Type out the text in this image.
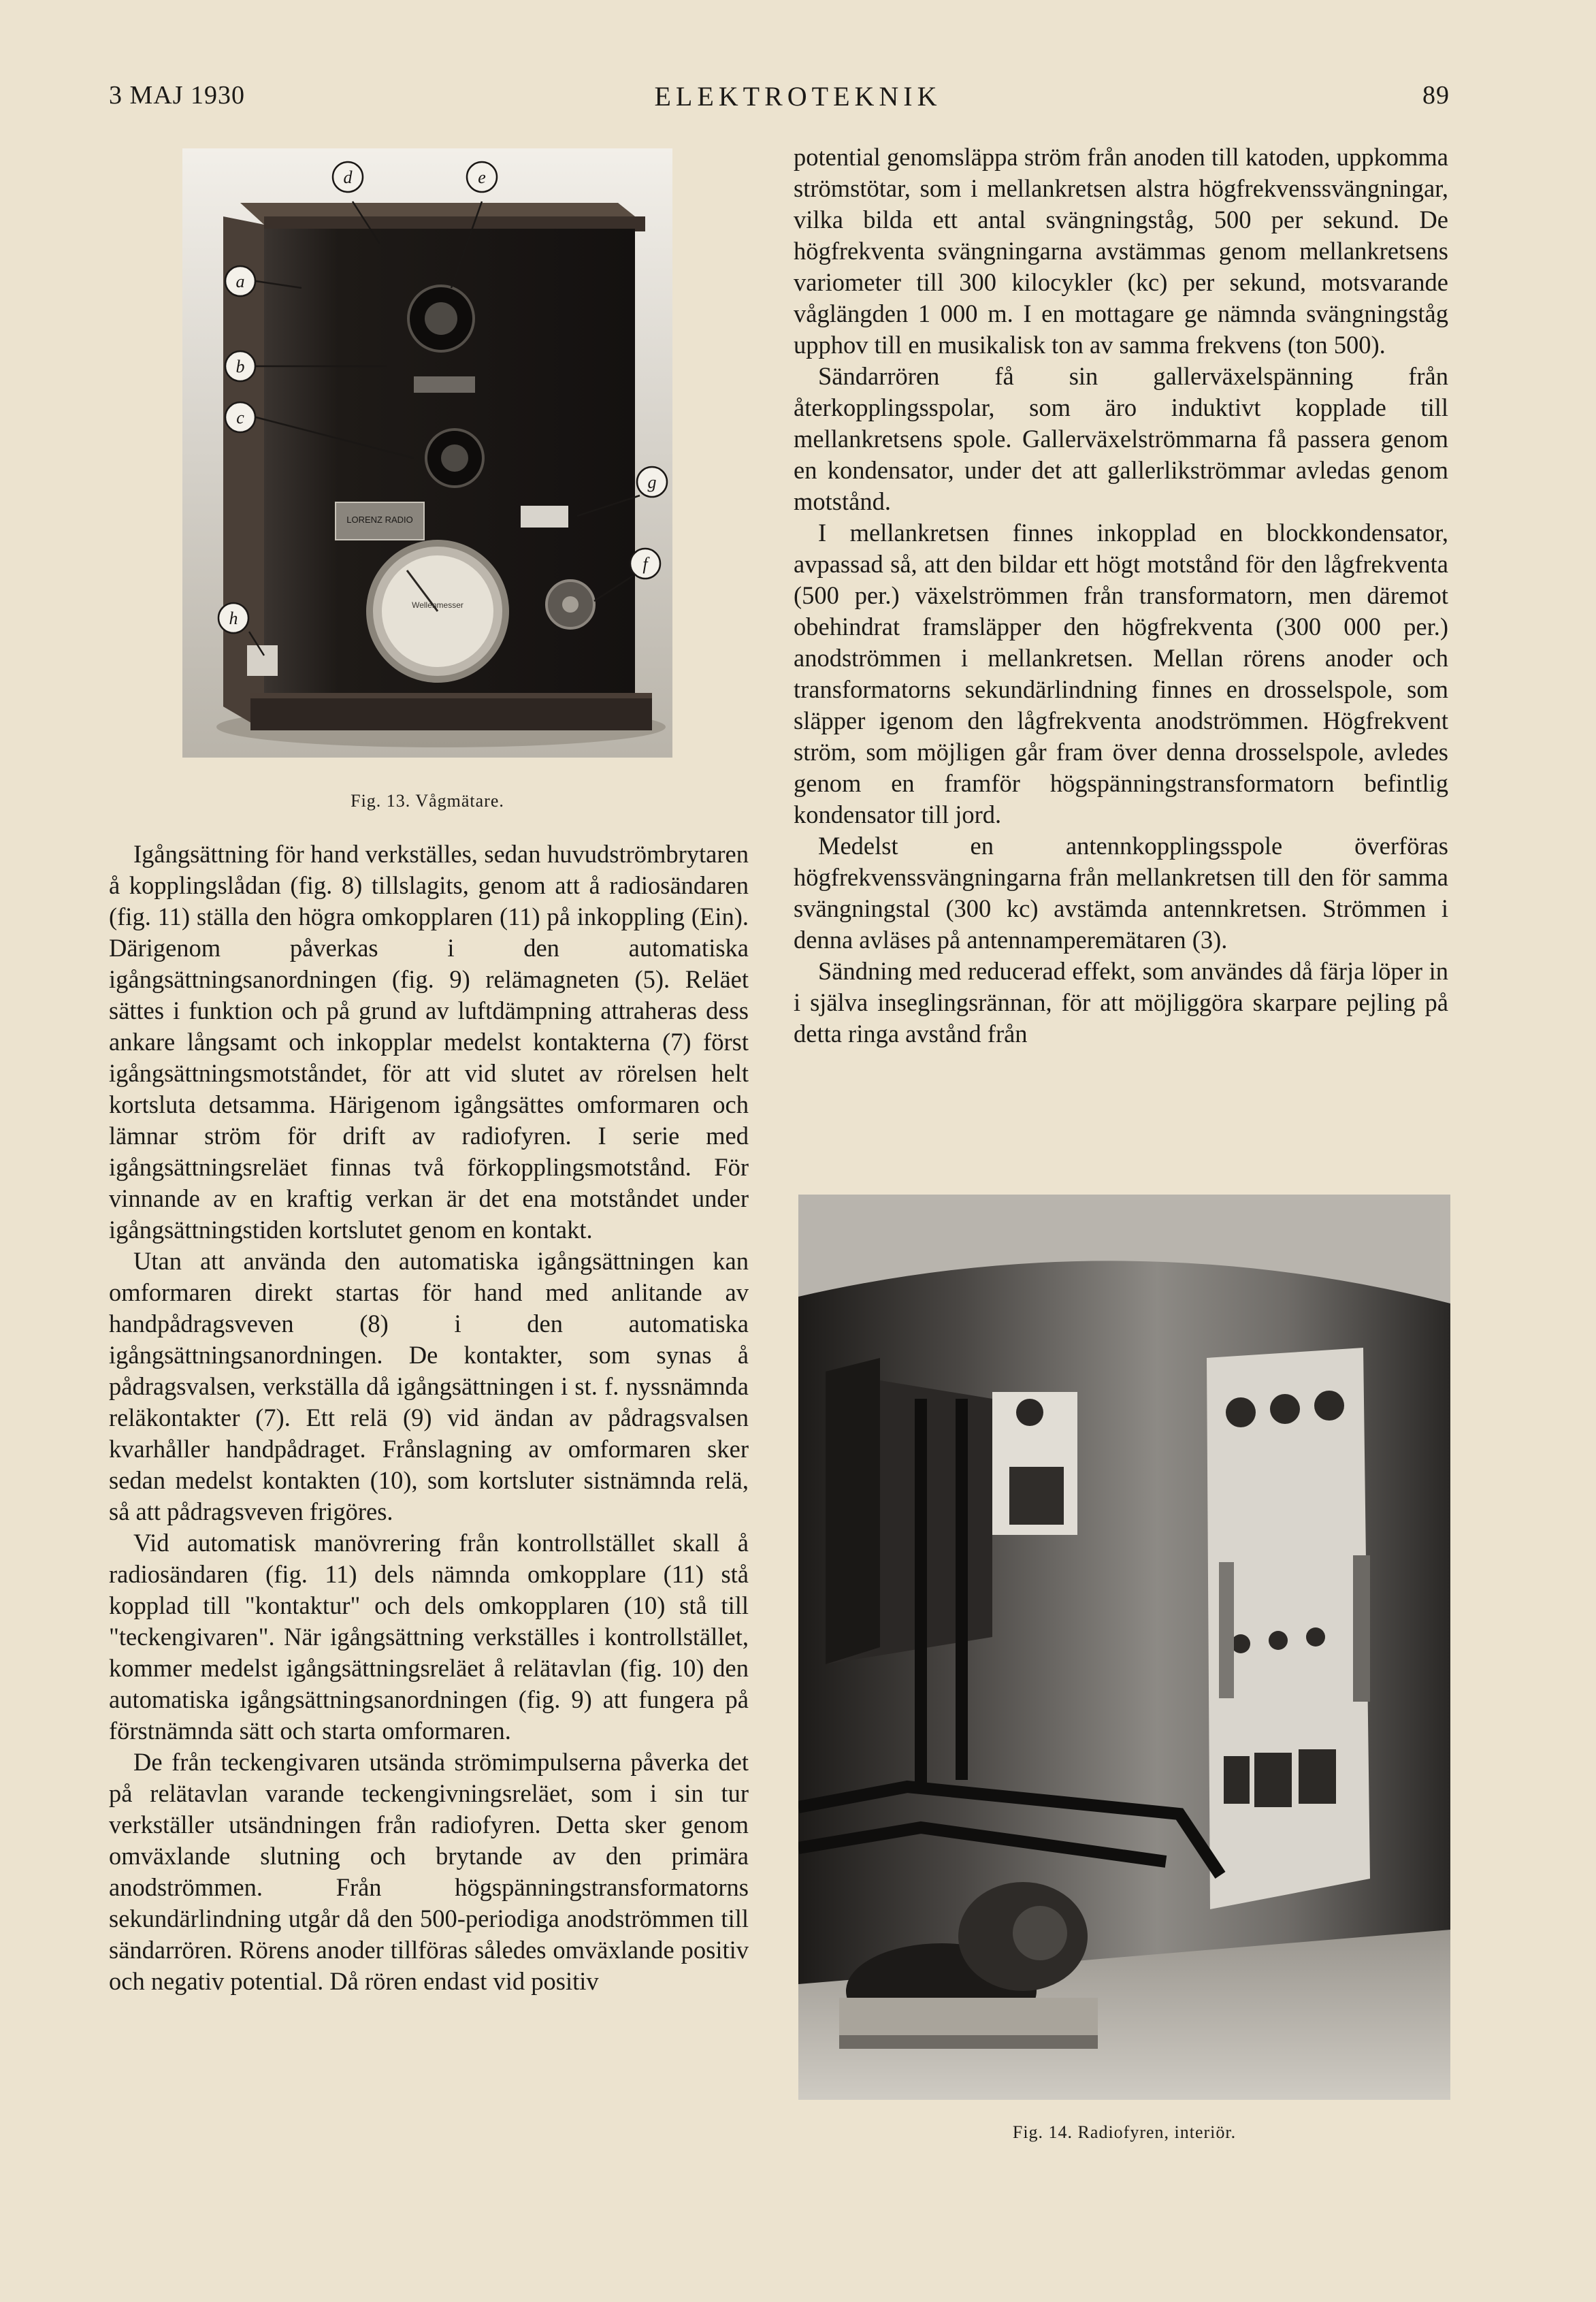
3 MAJ 1930	ELEKTROTEKNIK	89
LORENZ RADIO
Wellenmesser
a
b
c
d	e
f
g
h
Fig. 13. Vågmätare.

Igångsättning för hand verkställes, sedan huvudströmbrytaren å kopplingslådan (fig. 8) tillslagits, genom att å radiosändaren (fig. 11) ställa den högra omkopplaren (11) på inkoppling (Ein). Därigenom påverkas i den automatiska igångsättningsanordningen (fig. 9) relämagneten (5). Reläet sättes i funktion och på grund av luftdämpning attraheras dess ankare långsamt och inkopplar medelst kontakterna (7) först igångsättningsmotståndet, för att vid slutet av rörelsen helt kortsluta detsamma. Härigenom igångsättes omformaren och lämnar ström för drift av radiofyren. I serie med igångsättningsreläet finnas två förkopplingsmotstånd. För vinnande av en kraftig verkan är det ena motståndet under igångsättningstiden kortslutet genom en kontakt.

Utan att använda den automatiska igångsättningen kan omformaren direkt startas för hand med anlitande av handpådragsveven (8) i den automatiska igångsättningsanordningen. De kontakter, som synas å pådragsvalsen, verkställa då igångsättningen i st. f. nyssnämnda reläkontakter (7). Ett relä (9) vid ändan av pådragsvalsen kvarhåller handpådraget. Frånslagning av omformaren sker sedan medelst kontakten (10), som kortsluter sistnämnda relä, så att pådragsveven frigöres.

Vid automatisk manövrering från kontrollstället skall å radiosändaren (fig. 11) dels nämnda omkopplare (11) stå kopplad till "kontaktur" och dels omkopplaren (10) stå till "teckengivaren". När igångsättning verkställes i kontrollstället, kommer medelst igångsättningsreläet å relätavlan (fig. 10) den automatiska igångsättningsanordningen (fig. 9) att fungera på förstnämnda sätt och starta omformaren.

De från teckengivaren utsända strömimpulserna påverka det på relätavlan varande teckengivningsreläet, som i sin tur verkställer utsändningen från radiofyren. Detta sker genom omväxlande slutning och brytande av den primära anodströmmen. Från högspänningstransformatorns sekundärlindning utgår då den 500-periodiga anodströmmen till sändarrören. Rörens anoder tillföras således omväxlande positiv och negativ potential. Då rören endast vid positiv

potential genomsläppa ström från anoden till katoden, uppkomma strömstötar, som i mellankretsen alstra högfrekvenssvängningar, vilka bilda ett antal svängningståg, 500 per sekund. De högfrekventa svängningarna avstämmas genom mellankretsens variometer till 300 kilocykler (kc) per sekund, motsvarande våglängden 1 000 m. I en mottagare ge nämnda svängningståg upphov till en musikalisk ton av samma frekvens (ton 500).

Sändarrören få sin gallerväxelspänning från återkopplingsspolar, som äro induktivt kopplade till mellankretsens spole. Gallerväxelströmmarna få passera genom en kondensator, under det att gallerlikströmmar avledas genom motstånd.

I mellankretsen finnes inkopplad en blockkondensator, avpassad så, att den bildar ett högt motstånd för den lågfrekventa (500 per.) växelströmmen från transformatorn, men däremot obehindrat framsläpper den högfrekventa (300 000 per.) anodströmmen i mellankretsen. Mellan rörens anoder och transformatorns sekundärlindning finnes en drosselspole, som släpper igenom den lågfrekventa anodströmmen. Högfrekvent ström, som möjligen går fram över denna drosselspole, avledes genom en framför högspänningstransformatorn befintlig kondensator till jord.

Medelst en antennkopplingsspole överföras högfrekvenssvängningarna från mellankretsen till den för samma svängningstal (300 kc) avstämda antennkretsen. Strömmen i denna avläses på antennamperemätaren (3).

Sändning med reducerad effekt, som användes då färja löper in i själva inseglingsrännan, för att möjliggöra skarpare pejling på detta ringa avstånd från

Fig. 14. Radiofyren, interiör.
